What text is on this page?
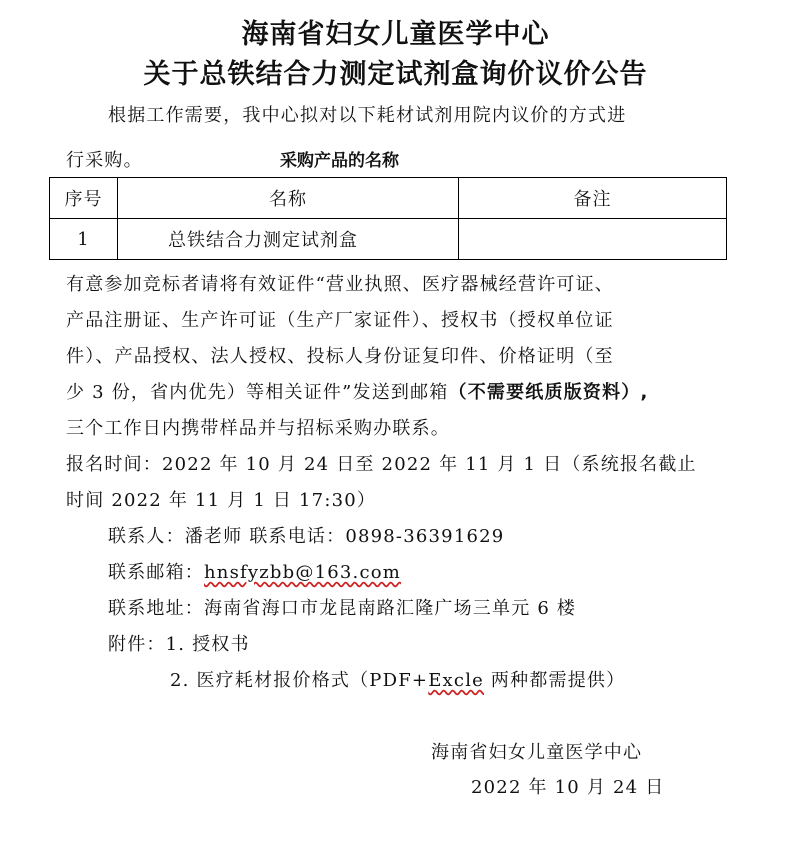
海南省妇女儿童医学中心
关于总铁结合力测定试剂盒询价议价公告
根据工作需要，我中心拟对以下耗材试剂用院内议价的方式进
行采购。	采购产品的名称
序号	名称	备注
1	总铁结合力测定试剂盒	
有意参加竞标者请将有效证件“营业执照、医疗器械经营许可证、
产品注册证、生产许可证（生产厂家证件）、授权书（授权单位证
件）、产品授权、法人授权、投标人身份证复印件、价格证明（至
少 3 份，省内优先）等相关证件”发送到邮箱（不需要纸质版资料）,
三个工作日内携带样品并与招标采购办联系。
报名时间：2022 年 10 月 24 日至 2022 年 11 月 1 日（系统报名截止
时间 2022 年 11 月 1 日 17:30）
联系人：潘老师 联系电话：0898-36391629
联系邮箱：hnsfyzbb@163.com
联系地址：海南省海口市龙昆南路汇隆广场三单元 6 楼
附件：1. 授权书
2. 医疗耗材报价格式（PDF+Excle 两种都需提供）
海南省妇女儿童医学中心
2022 年 10 月 24 日
